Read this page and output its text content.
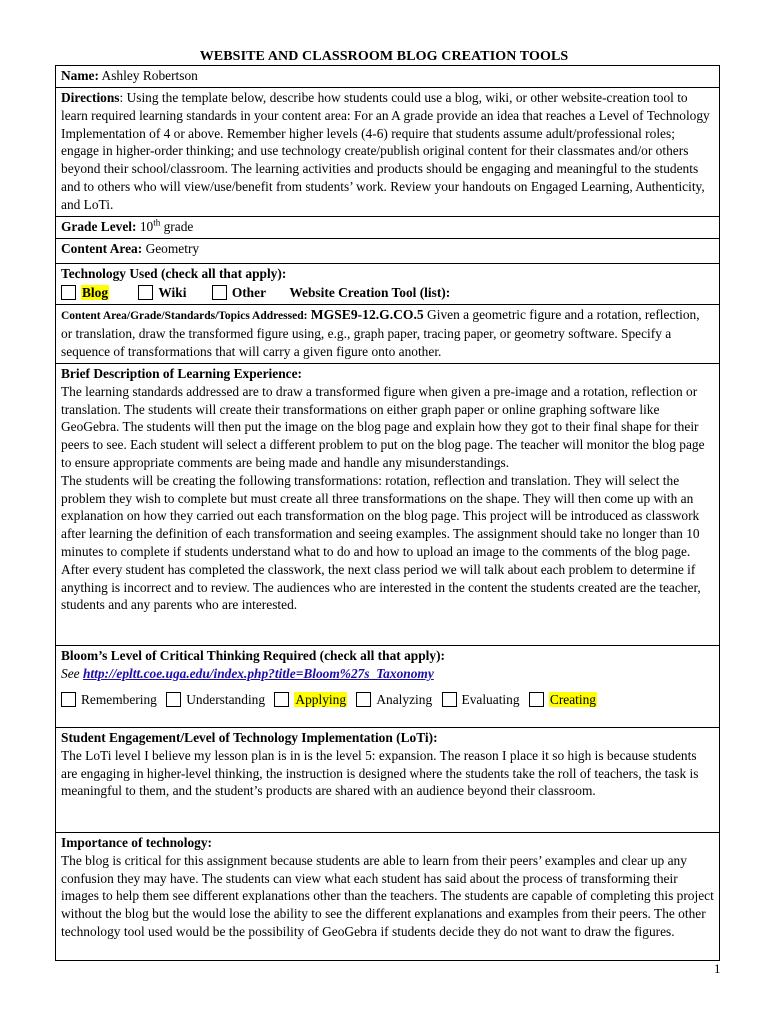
WEBSITE AND CLASSROOM BLOG CREATION TOOLS
Name: Ashley Robertson
Directions: Using the template below, describe how students could use a blog, wiki, or other website-creation tool to learn required learning standards in your content area: For an A grade provide an idea that reaches a Level of Technology Implementation of 4 or above. Remember higher levels (4-6) require that students assume adult/professional roles; engage in higher-order thinking; and use technology create/publish original content for their classmates and/or others beyond their school/classroom. The learning activities and products should be engaging and meaningful to the students and to others who will view/use/benefit from students’ work. Review your handouts on Engaged Learning, Authenticity, and LoTi.
Grade Level: 10th grade
Content Area: Geometry

Technology Used (check all that apply):
Blog	Wiki	Other Website Creation Tool (list):

Content Area/Grade/Standards/Topics Addressed: MGSE9-12.G.CO.5 Given a geometric figure and a rotation, reflection, or translation, draw the transformed figure using, e.g., graph paper, tracing paper, or geometry software. Specify a sequence of transformations that will carry a given figure onto another.

Brief Description of Learning Experience:
The learning standards addressed are to draw a transformed figure when given a pre-image and a rotation, reflection or translation. The students will create their transformations on either graph paper or online graphing software like GeoGebra. The students will then put the image on the blog page and explain how they got to their final shape for their peers to see. Each student will select a different problem to put on the blog page. The teacher will monitor the blog page to ensure appropriate comments are being made and handle any misunderstandings.
The students will be creating the following transformations: rotation, reflection and translation. They will select the problem they wish to complete but must create all three transformations on the shape. They will then come up with an explanation on how they carried out each transformation on the blog page. This project will be introduced as classwork after learning the definition of each transformation and seeing examples. The assignment should take no longer than 10 minutes to complete if students understand what to do and how to upload an image to the comments of the blog page. After every student has completed the classwork, the next class period we will talk about each problem to determine if anything is incorrect and to review. The audiences who are interested in the content the students created are the teacher, students and any parents who are interested.

Bloom’s Level of Critical Thinking Required (check all that apply):
See http://epltt.coe.uga.edu/index.php?title=Bloom%27s_Taxonomy
Remembering Understanding Applying Analyzing Evaluating Creating

Student Engagement/Level of Technology Implementation (LoTi):
The LoTi level I believe my lesson plan is in is the level 5: expansion. The reason I place it so high is because students are engaging in higher-level thinking, the instruction is designed where the students take the roll of teachers, the task is meaningful to them, and the student’s products are shared with an audience beyond their classroom.

Importance of technology:
The blog is critical for this assignment because students are able to learn from their peers’ examples and clear up any confusion they may have. The students can view what each student has said about the process of transforming their images to help them see different explanations other than the teachers. The students are capable of completing this project without the blog but the would lose the ability to see the different explanations and examples from their peers. The other technology tool used would be the possibility of GeoGebra if students decide they do not want to draw the figures.
1
